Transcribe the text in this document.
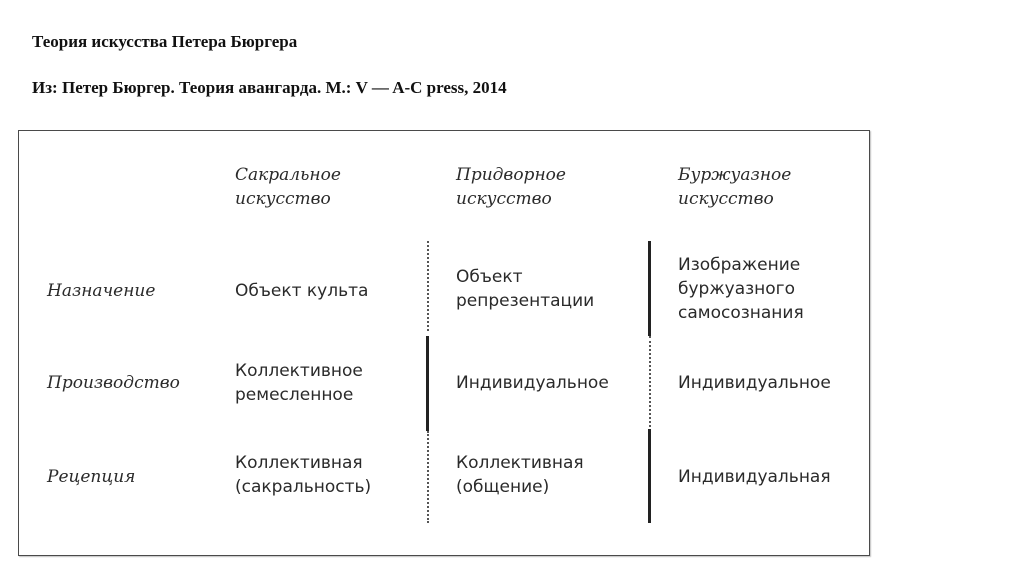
Теория искусства Петера Бюргера
Из: Петер Бюргер. Теория авангарда. М.: V — A-C press, 2014
Сакральное
искусство
Придворное
искусство
Буржуазное
искусство
Назначение
Производство
Рецепция
Объект культа
Объект
репрезентации
Изображение
буржуазного
самосознания
Коллективное
ремесленное
Индивидуальное	Индивидуальное
Коллективная
(сакральность)
Коллективная
(общение)	Индивидуальная
